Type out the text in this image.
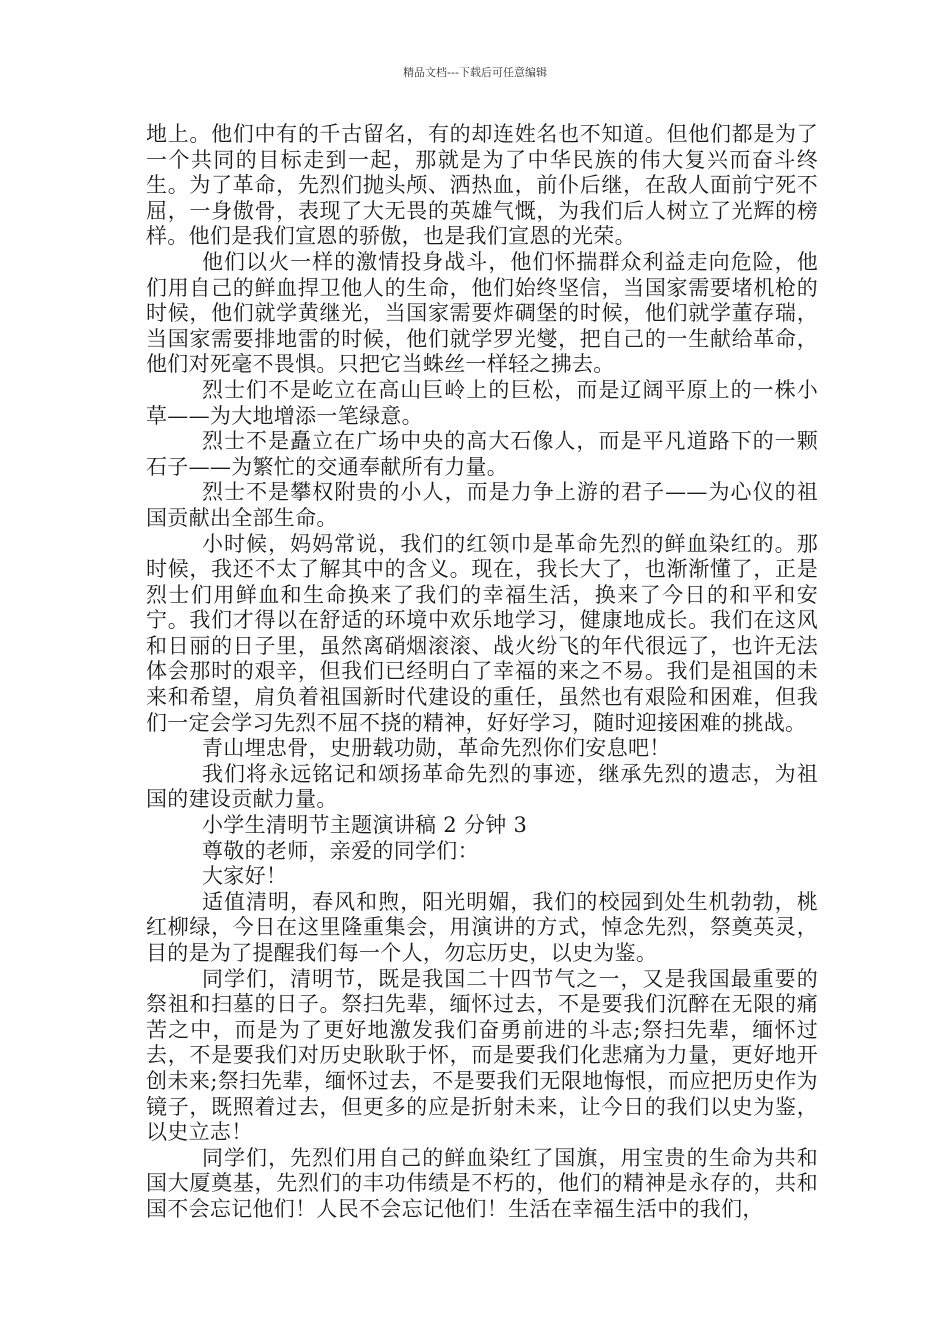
精品文档---下载后可任意编辑

地上。他们中有的千古留名，有的却连姓名也不知道。但他们都是为了一个共同的目标走到一起，那就是为了中华民族的伟大复兴而奋斗终生。为了革命，先烈们抛头颅、洒热血，前仆后继，在敌人面前宁死不屈，一身傲骨，表现了大无畏的英雄气慨，为我们后人树立了光辉的榜样。他们是我们宣恩的骄傲，也是我们宣恩的光荣。

他们以火一样的激情投身战斗，他们怀揣群众利益走向危险，他们用自己的鲜血捍卫他人的生命，他们始终坚信，当国家需要堵机枪的时候，他们就学黄继光，当国家需要炸碉堡的时候，他们就学董存瑞，当国家需要排地雷的时候，他们就学罗光燮，把自己的一生献给革命，他们对死毫不畏惧。只把它当蛛丝一样轻之拂去。

烈士们不是屹立在高山巨岭上的巨松，而是辽阔平原上的一株小草——为大地增添一笔绿意。

烈士不是矗立在广场中央的高大石像人，而是平凡道路下的一颗石子——为繁忙的交通奉献所有力量。

烈士不是攀权附贵的小人，而是力争上游的君子——为心仪的祖国贡献出全部生命。

小时候，妈妈常说，我们的红领巾是革命先烈的鲜血染红的。那时候，我还不太了解其中的含义。现在，我长大了，也渐渐懂了，正是烈士们用鲜血和生命换来了我们的幸福生活，换来了今日的和平和安宁。我们才得以在舒适的环境中欢乐地学习，健康地成长。我们在这风和日丽的日子里，虽然离硝烟滚滚、战火纷飞的年代很远了，也许无法体会那时的艰辛，但我们已经明白了幸福的来之不易。我们是祖国的未来和希望，肩负着祖国新时代建设的重任，虽然也有艰险和困难，但我们一定会学习先烈不屈不挠的精神，好好学习，随时迎接困难的挑战。

青山埋忠骨，史册载功勋，革命先烈你们安息吧！

我们将永远铭记和颂扬革命先烈的事迹，继承先烈的遗志，为祖国的建设贡献力量。

小学生清明节主题演讲稿 2 分钟 3

尊敬的老师，亲爱的同学们：

大家好！

适值清明，春风和煦，阳光明媚，我们的校园到处生机勃勃，桃红柳绿，今日在这里隆重集会，用演讲的方式，悼念先烈，祭奠英灵，目的是为了提醒我们每一个人，勿忘历史，以史为鉴。

同学们，清明节，既是我国二十四节气之一，又是我国最重要的祭祖和扫墓的日子。祭扫先辈，缅怀过去，不是要我们沉醉在无限的痛苦之中，而是为了更好地激发我们奋勇前进的斗志;祭扫先辈，缅怀过去，不是要我们对历史耿耿于怀，而是要我们化悲痛为力量，更好地开创未来;祭扫先辈，缅怀过去，不是要我们无限地悔恨，而应把历史作为镜子，既照着过去，但更多的应是折射未来，让今日的我们以史为鉴，以史立志！

同学们，先烈们用自己的鲜血染红了国旗，用宝贵的生命为共和国大厦奠基，先烈们的丰功伟绩是不朽的，他们的精神是永存的，共和国不会忘记他们！人民不会忘记他们！生活在幸福生活中的我们，
